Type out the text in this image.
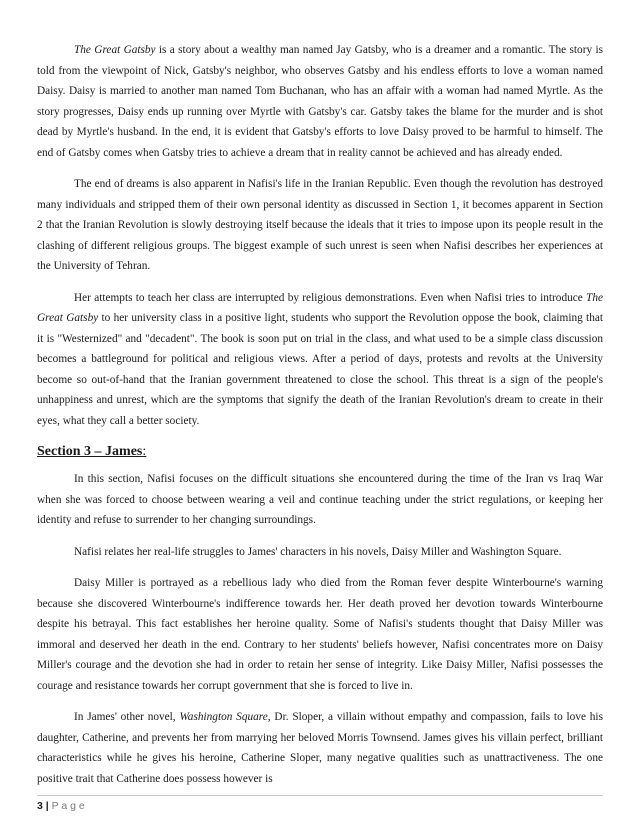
The Great Gatsby is a story about a wealthy man named Jay Gatsby, who is a dreamer and a romantic. The story is told from the viewpoint of Nick, Gatsby's neighbor, who observes Gatsby and his endless efforts to love a woman named Daisy. Daisy is married to another man named Tom Buchanan, who has an affair with a woman had named Myrtle. As the story progresses, Daisy ends up running over Myrtle with Gatsby's car. Gatsby takes the blame for the murder and is shot dead by Myrtle's husband. In the end, it is evident that Gatsby's efforts to love Daisy proved to be harmful to himself. The end of Gatsby comes when Gatsby tries to achieve a dream that in reality cannot be achieved and has already ended.

The end of dreams is also apparent in Nafisi's life in the Iranian Republic. Even though the revolution has destroyed many individuals and stripped them of their own personal identity as discussed in Section 1, it becomes apparent in Section 2 that the Iranian Revolution is slowly destroying itself because the ideals that it tries to impose upon its people result in the clashing of different religious groups. The biggest example of such unrest is seen when Nafisi describes her experiences at the University of Tehran.

Her attempts to teach her class are interrupted by religious demonstrations. Even when Nafisi tries to introduce The Great Gatsby to her university class in a positive light, students who support the Revolution oppose the book, claiming that it is "Westernized" and "decadent". The book is soon put on trial in the class, and what used to be a simple class discussion becomes a battleground for political and religious views. After a period of days, protests and revolts at the University become so out-of-hand that the Iranian government threatened to close the school. This threat is a sign of the people's unhappiness and unrest, which are the symptoms that signify the death of the Iranian Revolution's dream to create in their eyes, what they call a better society.

Section 3 – James:

In this section, Nafisi focuses on the difficult situations she encountered during the time of the Iran vs Iraq War when she was forced to choose between wearing a veil and continue teaching under the strict regulations, or keeping her identity and refuse to surrender to her changing surroundings.

Nafisi relates her real-life struggles to James' characters in his novels, Daisy Miller and Washington Square.

Daisy Miller is portrayed as a rebellious lady who died from the Roman fever despite Winterbourne's warning because she discovered Winterbourne's indifference towards her. Her death proved her devotion towards Winterbourne despite his betrayal. This fact establishes her heroine quality. Some of Nafisi's students thought that Daisy Miller was immoral and deserved her death in the end. Contrary to her students' beliefs however, Nafisi concentrates more on Daisy Miller's courage and the devotion she had in order to retain her sense of integrity. Like Daisy Miller, Nafisi possesses the courage and resistance towards her corrupt government that she is forced to live in.

In James' other novel, Washington Square, Dr. Sloper, a villain without empathy and compassion, fails to love his daughter, Catherine, and prevents her from marrying her beloved Morris Townsend. James gives his villain perfect, brilliant characteristics while he gives his heroine, Catherine Sloper, many negative qualities such as unattractiveness. The one positive trait that Catherine does possess however is

3 | P a g e
